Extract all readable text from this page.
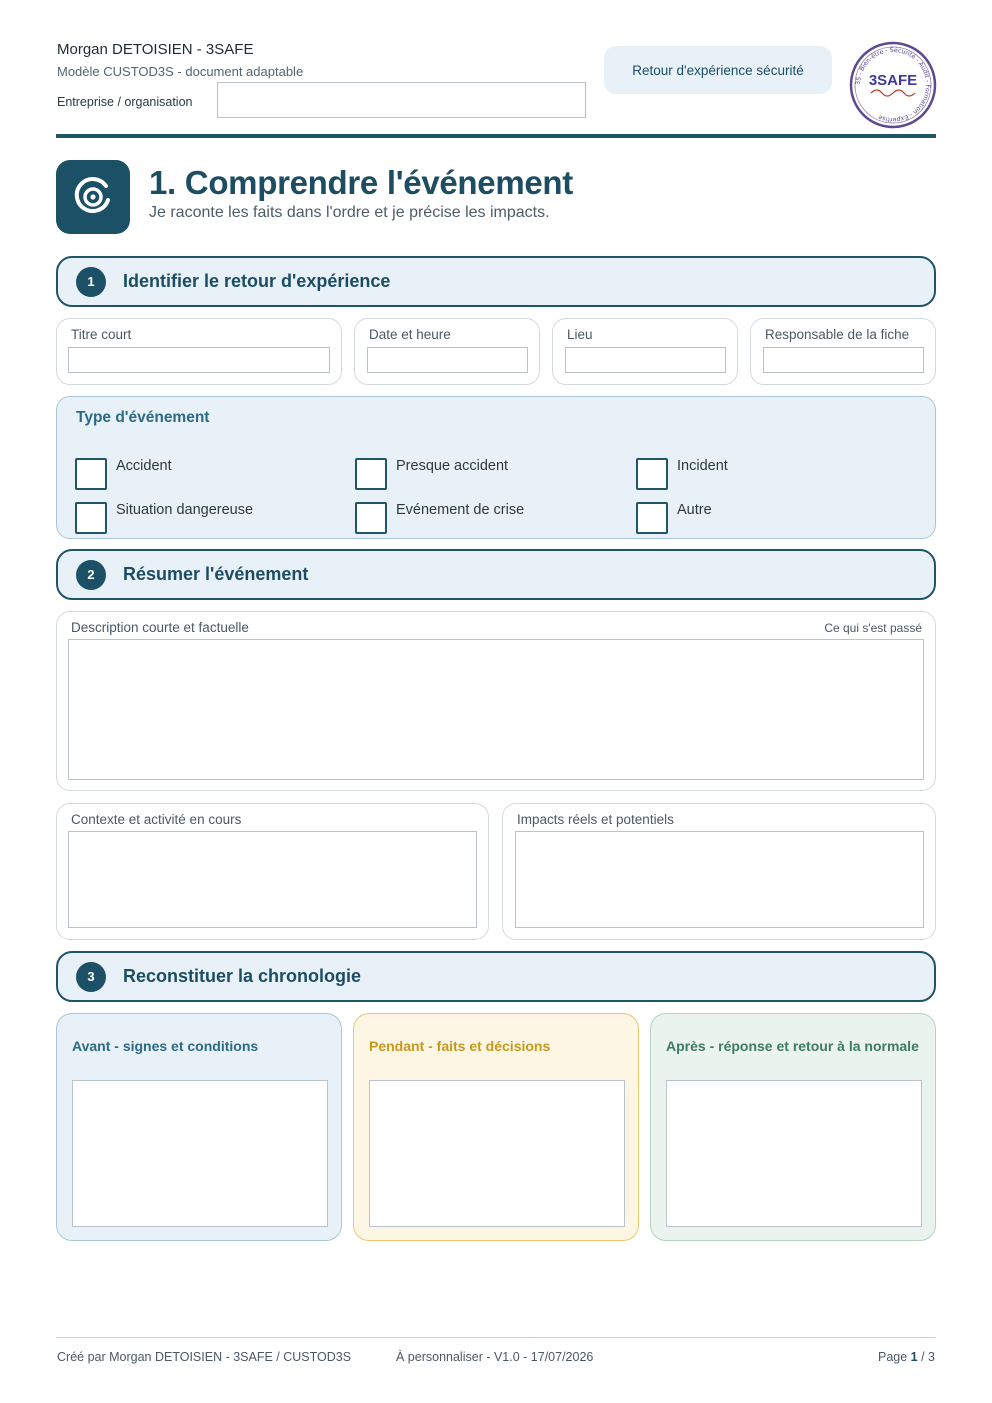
Morgan DETOISIEN - 3SAFE
Modèle CUSTOD3S - document adaptable
Entreprise / organisation
Retour d'expérience sécurité
3S - Bien-être - Sécurité - Audit - Formation - Expertise
3SAFE
1. Comprendre l'événement
Je raconte les faits dans l'ordre et je précise les impacts.
1	Identifier le retour d'expérience
Titre court	Date et heure	Lieu	Responsable de la fiche
Type d'événement
Accident	Presque accident	Incident
Situation dangereuse	Evénement de crise	Autre
2	Résumer l'événement
Description courte et factuelle	Ce qui s'est passé
Contexte et activité en cours	Impacts réels et potentiels
3	Reconstituer la chronologie
Avant - signes et conditions	Pendant - faits et décisions	Après - réponse et retour à la normale
Créé par Morgan DETOISIEN - 3SAFE / CUSTOD3S	À personnaliser - V1.0 - 17/07/2026	Page 1 / 3
